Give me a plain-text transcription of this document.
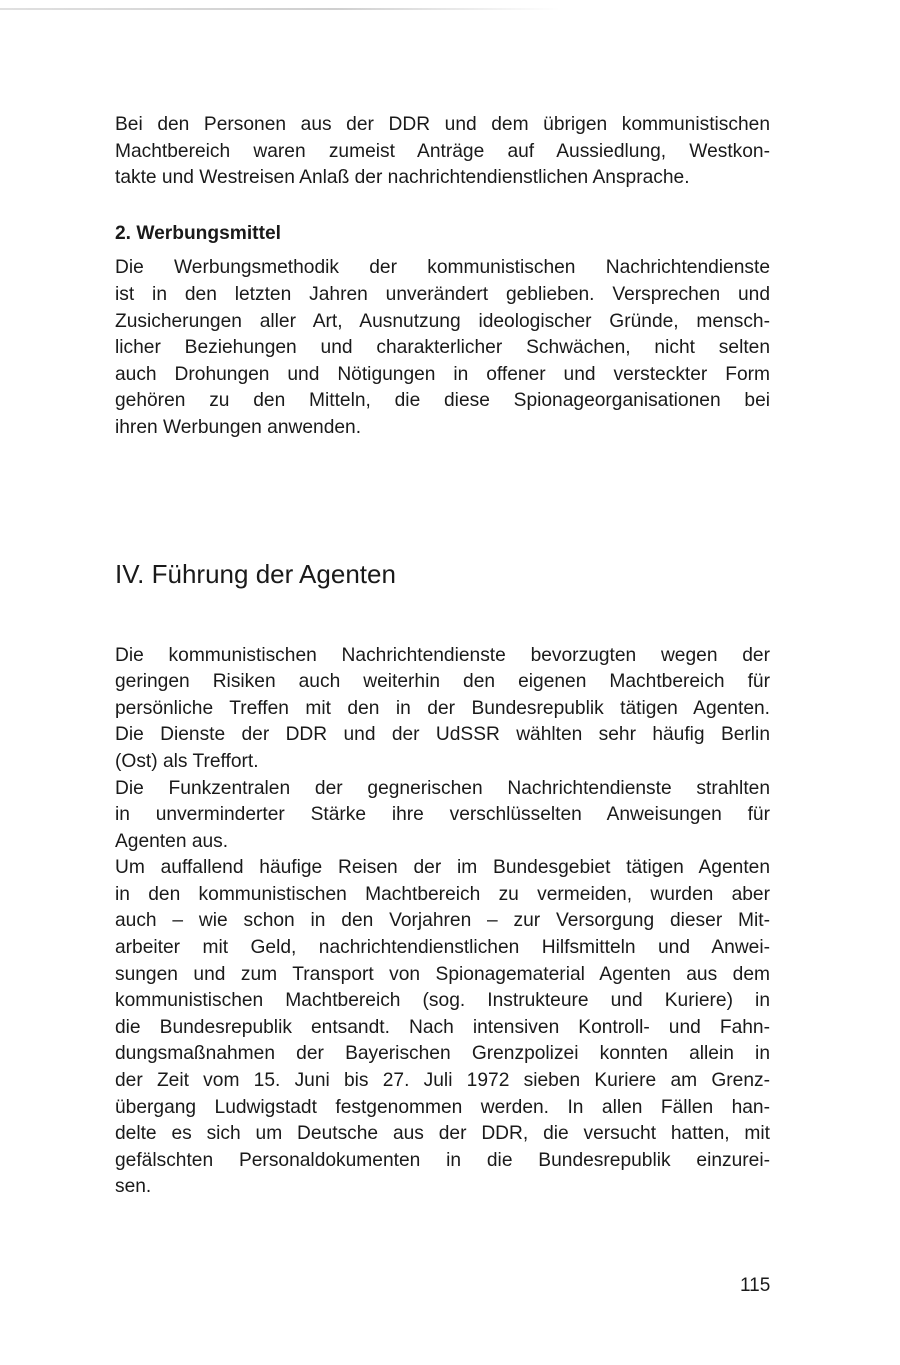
Bei den Personen aus der DDR und dem übrigen kommunistischen
Machtbereich waren zumeist Anträge auf Aussiedlung, Westkon-
takte und Westreisen Anlaß der nachrichtendienstlichen Ansprache.
2. Werbungsmittel
Die Werbungsmethodik der kommunistischen Nachrichtendienste
ist in den letzten Jahren unverändert geblieben. Versprechen und
Zusicherungen aller Art, Ausnutzung ideologischer Gründe, mensch-
licher Beziehungen und charakterlicher Schwächen, nicht selten
auch Drohungen und Nötigungen in offener und versteckter Form
gehören zu den Mitteln, die diese Spionageorganisationen bei
ihren Werbungen anwenden.
IV. Führung der Agenten
Die kommunistischen Nachrichtendienste bevorzugten wegen der
geringen Risiken auch weiterhin den eigenen Machtbereich für
persönliche Treffen mit den in der Bundesrepublik tätigen Agenten.
Die Dienste der DDR und der UdSSR wählten sehr häufig Berlin
(Ost) als Treffort.
Die Funkzentralen der gegnerischen Nachrichtendienste strahlten
in unverminderter Stärke ihre verschlüsselten Anweisungen für
Agenten aus.
Um auffallend häufige Reisen der im Bundesgebiet tätigen Agenten
in den kommunistischen Machtbereich zu vermeiden, wurden aber
auch – wie schon in den Vorjahren – zur Versorgung dieser Mit-
arbeiter mit Geld, nachrichtendienstlichen Hilfsmitteln und Anwei-
sungen und zum Transport von Spionagematerial Agenten aus dem
kommunistischen Machtbereich (sog. Instrukteure und Kuriere) in
die Bundesrepublik entsandt. Nach intensiven Kontroll- und Fahn-
dungsmaßnahmen der Bayerischen Grenzpolizei konnten allein in
der Zeit vom 15. Juni bis 27. Juli 1972 sieben Kuriere am Grenz-
übergang Ludwigstadt festgenommen werden. In allen Fällen han-
delte es sich um Deutsche aus der DDR, die versucht hatten, mit
gefälschten Personaldokumenten in die Bundesrepublik einzurei-
sen.
115
